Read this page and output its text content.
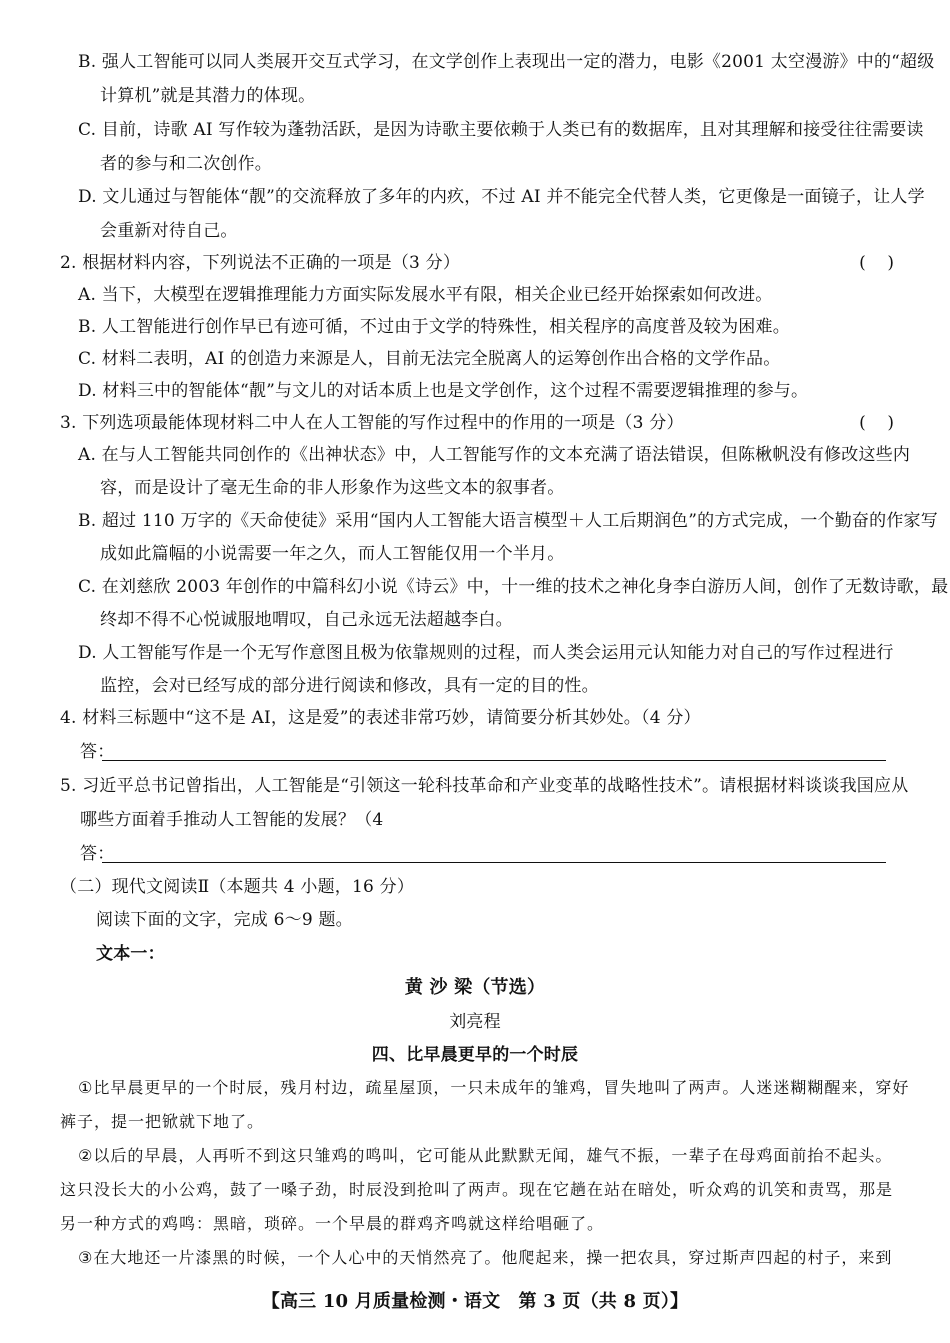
B. 强人工智能可以同人类展开交互式学习，在文学创作上表现出一定的潜力，电影《2001 太空漫游》中的“超级

计算机”就是其潜力的体现。

C. 目前，诗歌 AI 写作较为蓬勃活跃，是因为诗歌主要依赖于人类已有的数据库，且对其理解和接受往往需要读

者的参与和二次创作。

D. 文儿通过与智能体“靓”的交流释放了多年的内疚，不过 AI 并不能完全代替人类，它更像是一面镜子，让人学

会重新对待自己。

2. 根据材料内容，下列说法不正确的一项是（3 分）	(    )

A. 当下，大模型在逻辑推理能力方面实际发展水平有限，相关企业已经开始探索如何改进。

B. 人工智能进行创作早已有迹可循，不过由于文学的特殊性，相关程序的高度普及较为困难。

C. 材料二表明，AI 的创造力来源是人，目前无法完全脱离人的运筹创作出合格的文学作品。

D. 材料三中的智能体“靓”与文儿的对话本质上也是文学创作，这个过程不需要逻辑推理的参与。

3. 下列选项最能体现材料二中人在人工智能的写作过程中的作用的一项是（3 分）	(    )

A. 在与人工智能共同创作的《出神状态》中，人工智能写作的文本充满了语法错误，但陈楸帆没有修改这些内

容，而是设计了毫无生命的非人形象作为这些文本的叙事者。

B. 超过 110 万字的《天命使徒》采用“国内人工智能大语言模型＋人工后期润色”的方式完成，一个勤奋的作家写

成如此篇幅的小说需要一年之久，而人工智能仅用一个半月。

C. 在刘慈欣 2003 年创作的中篇科幻小说《诗云》中，十一维的技术之神化身李白游历人间，创作了无数诗歌，最

终却不得不心悦诚服地喟叹，自己永远无法超越李白。

D. 人工智能写作是一个无写作意图且极为依靠规则的过程，而人类会运用元认知能力对自己的写作过程进行

监控，会对已经写成的部分进行阅读和修改，具有一定的目的性。

4. 材料三标题中“这不是 AI，这是爱”的表述非常巧妙，请简要分析其妙处。（4 分）

答：

5. 习近平总书记曾指出，人工智能是“引领这一轮科技革命和产业变革的战略性技术”。请根据材料谈谈我国应从

哪些方面着手推动人工智能的发展？（4

答：

（二）现代文阅读Ⅱ（本题共 4 小题，16 分）

阅读下面的文字，完成 6～9 题。

文本一：

黄 沙 梁（节选）

刘亮程

四、比早晨更早的一个时辰

①比早晨更早的一个时辰，残月村边，疏星屋顶，一只未成年的雏鸡，冒失地叫了两声。人迷迷糊糊醒来，穿好

裤子，提一把锨就下地了。

②以后的早晨，人再听不到这只雏鸡的鸣叫，它可能从此默默无闻，雄气不振，一辈子在母鸡面前抬不起头。

这只没长大的小公鸡，鼓了一嗓子劲，时辰没到抢叫了两声。现在它趟在站在暗处，听众鸡的讥笑和责骂，那是

另一种方式的鸡鸣：黑暗，琐碎。一个早晨的群鸡齐鸣就这样给唱砸了。

③在大地还一片漆黑的时候，一个人心中的天悄然亮了。他爬起来，操一把农具，穿过斯声四起的村子，来到

【高三 10 月质量检测・语文　第 3 页（共 8 页）】
